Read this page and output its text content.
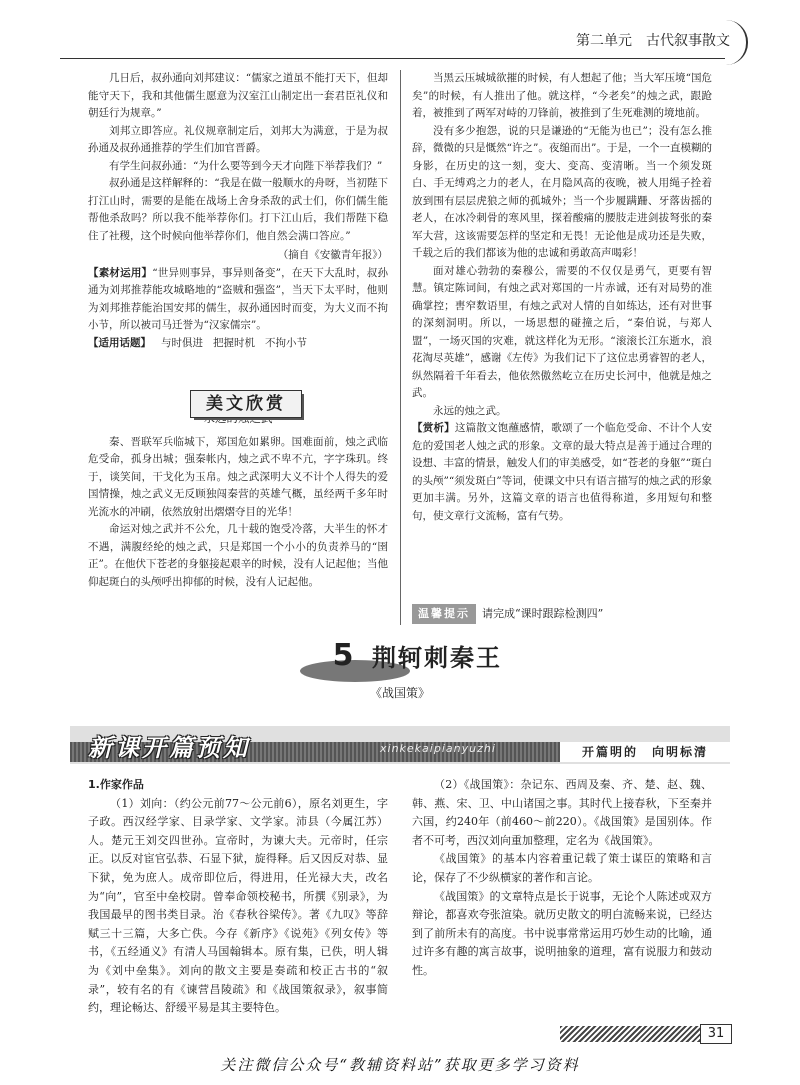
第二单元　古代叙事散文

几日后，叔孙通向刘邦建议：“儒家之道虽不能打天下，但却能守天下，我和其他儒生愿意为汉室江山制定出一套君臣礼仪和朝廷行为规章。”

刘邦立即答应。礼仪规章制定后，刘邦大为满意，于是为叔孙通及叔孙通推荐的学生们加官晋爵。

有学生问叔孙通：“为什么要等到今天才向陛下举荐我们？”

叔孙通是这样解释的：“我是在做一般顺水的舟呀，当初陛下打江山时，需要的是能在战场上舍身杀敌的武士们，你们儒生能帮他杀敌吗？所以我不能举荐你们。打下江山后，我们帮陛下稳住了社稷，这个时候向他举荐你们，他自然会满口答应。”

（摘自《安徽青年报》）

【素材运用】“世异则事异，事异则备变”，在天下大乱时，叔孙通为刘邦推荐能攻城略地的“盗贼和强盗”，当天下太平时，他则为刘邦推荐能治国安邦的儒生，叔孙通因时而变，为大义而不拘小节，所以被司马迁誉为“汉家儒宗”。

【适用话题】 与时俱进 把握时机 不拘小节

秦、晋联军兵临城下，郑国危如累卵。国难面前，烛之武临危受命，孤身出城；强秦帐内，烛之武不卑不亢，字字珠玑。终于，谈笑间，干戈化为玉帛。烛之武深明大义不计个人得失的爱国情操，烛之武义无反顾独闯秦营的英雄气概，虽经两千多年时光流水的冲刷，依然放射出熠熠夺目的光华！

命运对烛之武并不公允，几十载的饱受冷落，大半生的怀才不遇，满腹经纶的烛之武，只是郑国一个小小的负责养马的“圉正”。在他伏下苍老的身躯接起艰辛的时候，没有人记起他；当他仰起斑白的头颅呼出抑郁的时候，没有人记起他。

美文欣赏

当黑云压城城欲摧的时候，有人想起了他；当大军压境“国危矣”的时候，有人推出了他。就这样，“今老矣”的烛之武，跟跄着，被推到了两军对峙的刀锋前，被推到了生死难测的境地前。

没有多少抱怨，说的只是谦逊的“无能为也已”；没有怎么推辞，微微的只是慨然“许之”。夜缒而出”。于是，一个一直模糊的身影，在历史的这一刻，变大、变高、变清晰。当一个须发斑白、手无缚鸡之力的老人，在月隐风高的夜晚，被人用绳子拴着放到围有层层虎狼之师的孤城外；当一个步履蹒跚、牙落齿摇的老人，在冰冷刺骨的寒风里，探着酸痛的腰肢走进剑拔弩张的秦军大营，这该需要怎样的坚定和无畏！无论他是成功还是失败，千载之后的我们都该为他的忠诚和勇敢高声喝彩！

面对雄心勃勃的秦穆公，需要的不仅仅是勇气，更要有智慧。镇定陈词间，有烛之武对郑国的一片赤诚，还有对局势的准确掌控；軎窄数语里，有烛之武对人情的自如练达，还有对世事的深刻洞明。所以，一场思想的碰撞之后，“秦伯说，与郑人盟”，一场灭国的灾难，就这样化为无形。“滚滚长江东逝水，浪花淘尽英雄”，感谢《左传》为我们记下了这位忠勇睿智的老人，纵然隔着千年看去，他依然傲然屹立在历史长河中，他就是烛之武。

永远的烛之武。

【赏析】这篇散文饱蘸感情，歌颂了一个临危受命、不计个人安危的爱国老人烛之武的形象。文章的最大特点是善于通过合理的设想、丰富的情景，触发人们的审美感受，如“苍老的身躯”“斑白的头颅”“须发斑白”等词，使课文中只有语言描写的烛之武的形象更加丰满。另外，这篇文章的语言也值得称道，多用短句和整句，使文章行文流畅，富有气势。

温馨提示 请完成“课时跟踪检测四”
5 荆轲刺秦王
《战国策》
新课开篇预知	xinkekaipianyuzhi	开篇明的　向明标清

1.作家作品

（1）刘向：（约公元前77～公元前6），原名刘更生，字子政。西汉经学家、目录学家、文学家。沛县（今属江苏）人。楚元王刘交四世孙。宣帝时，为谏大夫。元帝时，任宗正。以反对宦官弘恭、石显下狱，旋得释。后又因反对恭、显下狱，免为庶人。成帝即位后，得进用，任光禄大夫，改名为“向”，官至中垒校尉。曾奉命领校秘书，所撰《别录》，为我国最早的图书类目录。治《春秋谷梁传》。著《九叹》等辞赋三十三篇，大多亡佚。今存《新序》《说苑》《列女传》等书，《五经通义》有清人马国翰辑本。原有集，已佚，明人辑为《刘中垒集》。刘向的散文主要是奏疏和校正古书的“叙录”，较有名的有《谏营昌陵疏》和《战国策叙录》，叙事简约，理论畅达、舒缓平易是其主要特色。

（2）《战国策》：杂记东、西周及秦、齐、楚、赵、魏、韩、燕、宋、卫、中山诸国之事。其时代上接春秋，下至秦并六国，约240年（前460～前220）。《战国策》是国别体。作者不可考，西汉刘向重加整理，定名为《战国策》。

《战国策》的基本内容着重记载了策士谋臣的策略和言论，保存了不少纵横家的著作和言论。

《战国策》的文章特点是长于说事，无论个人陈述或双方辩论，都喜欢夸张渲染。就历史散文的明白流畅来说，已经达到了前所未有的高度。书中说事常常运用巧妙生动的比喻，通过许多有趣的寓言故事，说明抽象的道理，富有说服力和鼓动性。

31
关注微信公众号“教辅资料站”获取更多学习资料
